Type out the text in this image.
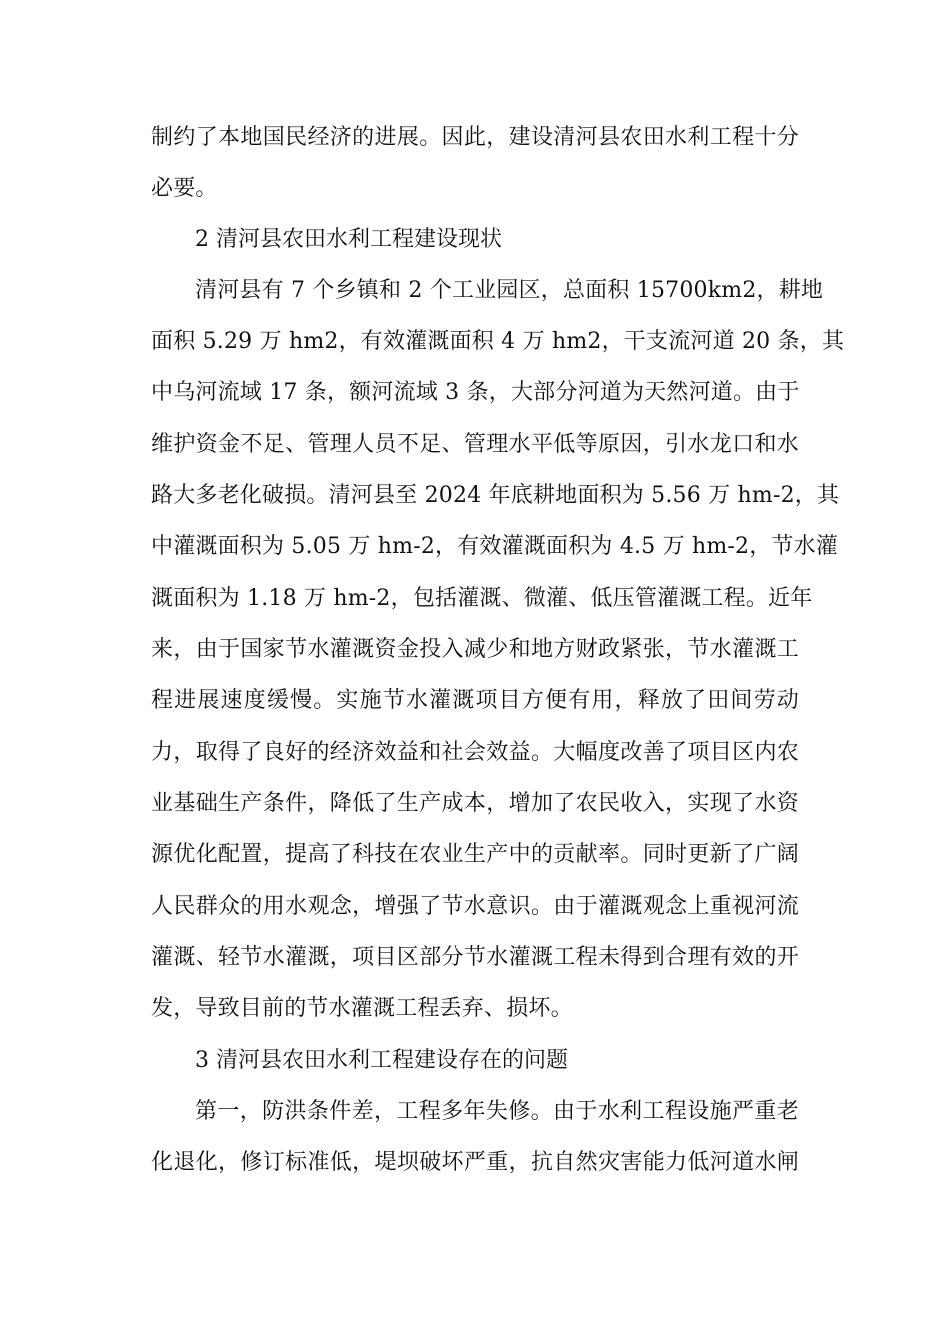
制约了本地国民经济的进展。因此，建设清河县农田水利工程十分
必要。
2 清河县农田水利工程建设现状
清河县有 7 个乡镇和 2 个工业园区，总面积 15700km2，耕地
面积 5.29 万 hm2，有效灌溉面积 4 万 hm2，干支流河道 20 条，其
中乌河流域 17 条，额河流域 3 条，大部分河道为天然河道。由于
维护资金不足、管理人员不足、管理水平低等原因，引水龙口和水
路大多老化破损。清河县至 2024 年底耕地面积为 5.56 万 hm-2，其
中灌溉面积为 5.05 万 hm-2，有效灌溉面积为 4.5 万 hm-2，节水灌
溉面积为 1.18 万 hm-2，包括灌溉、微灌、低压管灌溉工程。近年
来，由于国家节水灌溉资金投入减少和地方财政紧张，节水灌溉工
程进展速度缓慢。实施节水灌溉项目方便有用，释放了田间劳动
力，取得了良好的经济效益和社会效益。大幅度改善了项目区内农
业基础生产条件，降低了生产成本，增加了农民收入，实现了水资
源优化配置，提高了科技在农业生产中的贡献率。同时更新了广阔
人民群众的用水观念，增强了节水意识。由于灌溉观念上重视河流
灌溉、轻节水灌溉，项目区部分节水灌溉工程未得到合理有效的开
发，导致目前的节水灌溉工程丢弃、损坏。
3 清河县农田水利工程建设存在的问题
第一，防洪条件差，工程多年失修。由于水利工程设施严重老
化退化，修订标准低，堤坝破坏严重，抗自然灾害能力低河道水闸
